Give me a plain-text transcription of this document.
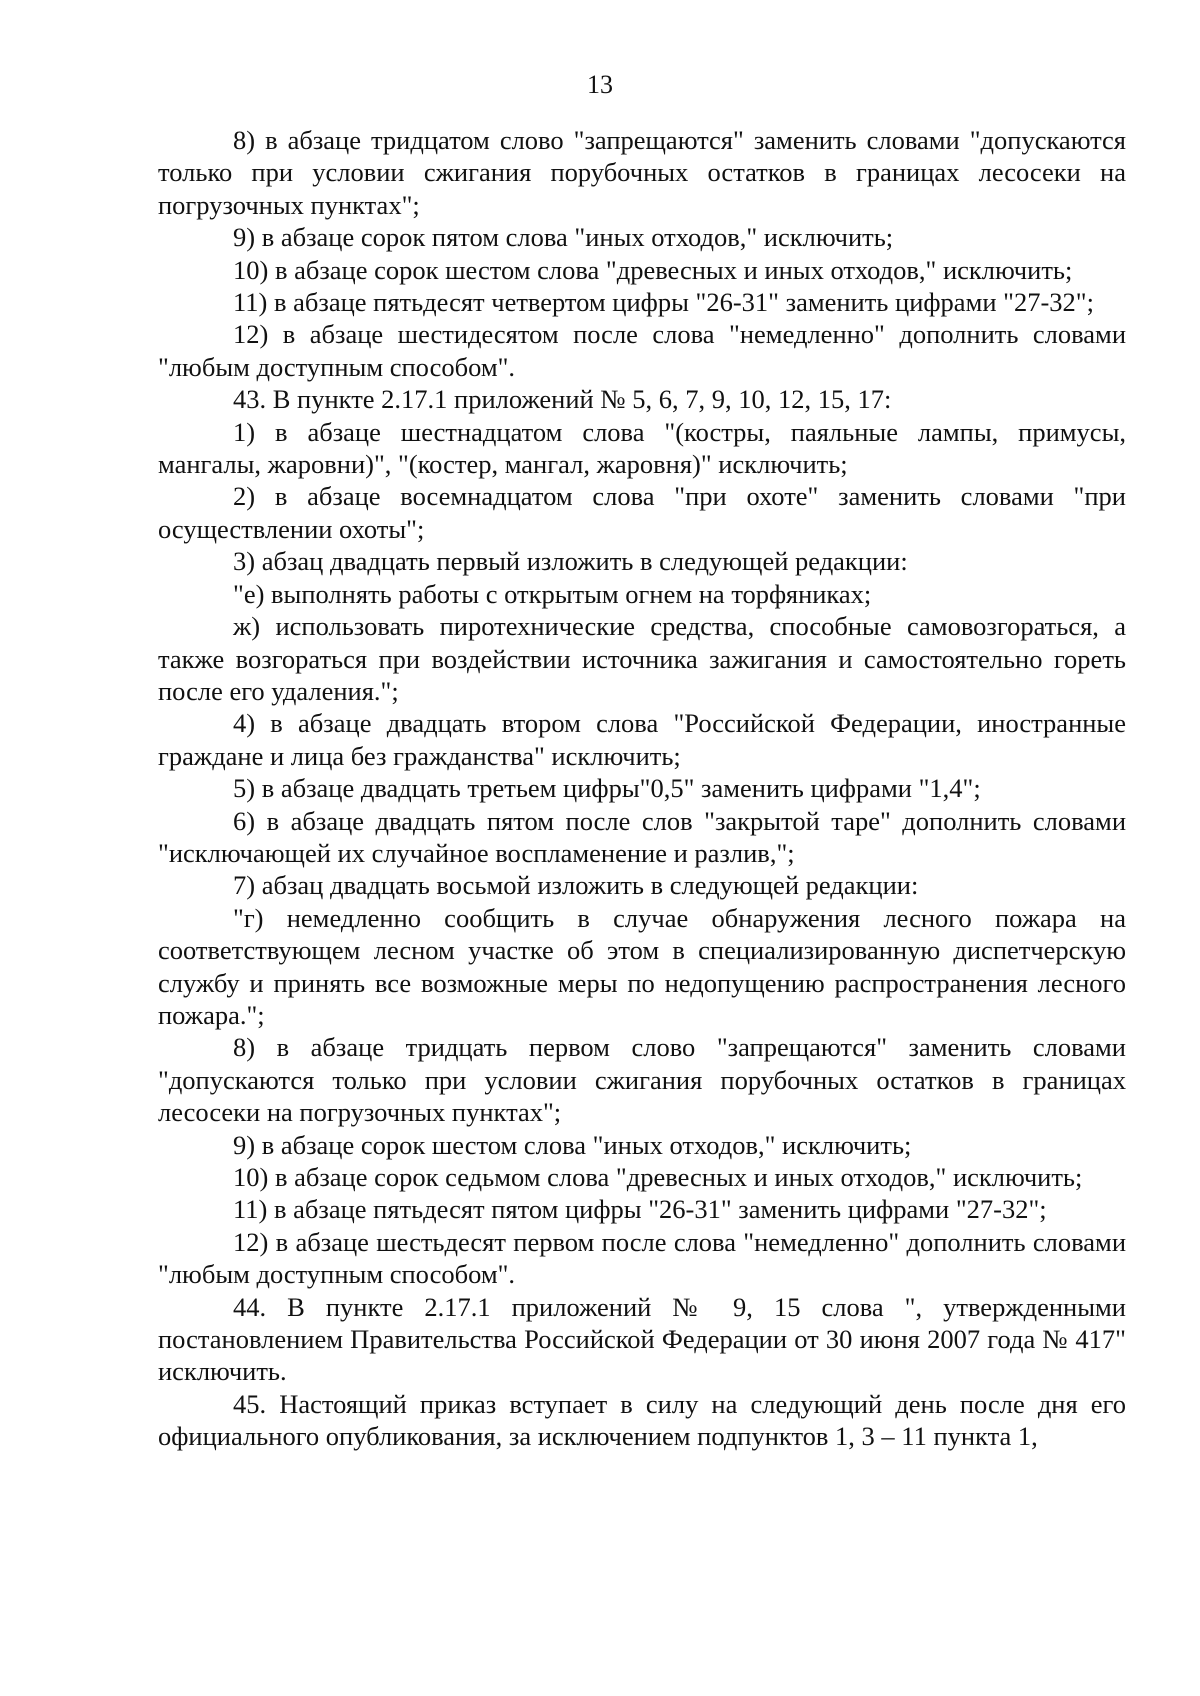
13

8) в абзаце тридцатом слово "запрещаются" заменить словами "допускаются только при условии сжигания порубочных остатков в границах лесосеки на погрузочных пунктах";

9) в абзаце сорок пятом слова "иных отходов," исключить;

10) в абзаце сорок шестом слова "древесных и иных отходов," исключить;

11) в абзаце пятьдесят четвертом цифры "26-31" заменить цифрами "27-32";

12) в абзаце шестидесятом после слова "немедленно" дополнить словами "любым доступным способом".

43. В пункте 2.17.1 приложений № 5, 6, 7, 9, 10, 12, 15, 17:

1) в абзаце шестнадцатом слова "(костры, паяльные лампы, примусы, мангалы, жаровни)", "(костер, мангал, жаровня)" исключить;

2) в абзаце восемнадцатом слова "при охоте" заменить словами "при осуществлении охоты";

3) абзац двадцать первый изложить в следующей редакции:

"е) выполнять работы с открытым огнем на торфяниках;

ж) использовать пиротехнические средства, способные самовозгораться, а также возгораться при воздействии источника зажигания и самостоятельно гореть после его удаления.";

4) в абзаце двадцать втором слова "Российской Федерации, иностранные граждане и лица без гражданства" исключить;

5) в абзаце двадцать третьем цифры"0,5" заменить цифрами "1,4";

6) в абзаце двадцать пятом после слов "закрытой таре" дополнить словами "исключающей их случайное воспламенение и разлив,";

7) абзац двадцать восьмой изложить в следующей редакции:

"г) немедленно сообщить в случае обнаружения лесного пожара на соответствующем лесном участке об этом в специализированную диспетчерскую службу и принять все возможные меры по недопущению распространения лесного пожара.";

8) в абзаце тридцать первом слово "запрещаются" заменить словами "допускаются только при условии сжигания порубочных остатков в границах лесосеки на погрузочных пунктах";

9) в абзаце сорок шестом слова "иных отходов," исключить;

10) в абзаце сорок седьмом слова "древесных и иных отходов," исключить;

11) в абзаце пятьдесят пятом цифры "26-31" заменить цифрами "27-32";

12) в абзаце шестьдесят первом после слова "немедленно" дополнить словами "любым доступным способом".

44. В пункте 2.17.1 приложений № 9, 15 слова ", утвержденными постановлением Правительства Российской Федерации от 30 июня 2007 года № 417" исключить.

45. Настоящий приказ вступает в силу на следующий день после дня его официального опубликования, за исключением подпунктов 1, 3 – 11 пункта 1,
